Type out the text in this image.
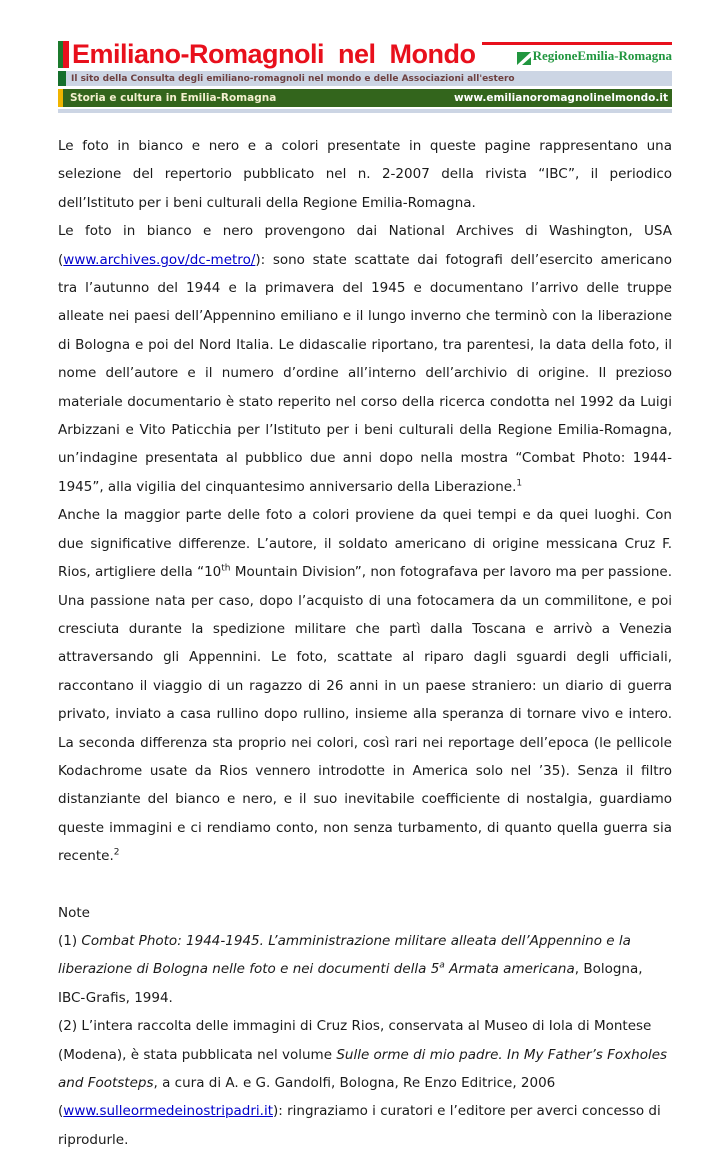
Emiliano-Romagnoli nel Mondo	RegioneEmilia-Romagna
Il sito della Consulta degli emiliano-romagnoli nel mondo e delle Associazioni all'estero
Storia e cultura in Emilia-Romagna	www.emilianoromagnolinelmondo.it

Le foto in bianco e nero e a colori presentate in queste pagine rappresentano una selezione del repertorio pubblicato nel n. 2-2007 della rivista “IBC”, il periodico dell’Istituto per i beni culturali della Regione Emilia-Romagna.

Le foto in bianco e nero provengono dai National Archives di Washington, USA (www.archives.gov/dc-metro/): sono state scattate dai fotografi dell’esercito americano tra l’autunno del 1944 e la primavera del 1945 e documentano l’arrivo delle truppe alleate nei paesi dell’Appennino emiliano e il lungo inverno che terminò con la liberazione di Bologna e poi del Nord Italia. Le didascalie riportano, tra parentesi, la data della foto, il nome dell’autore e il numero d’ordine all’interno dell’archivio di origine. Il prezioso materiale documentario è stato reperito nel corso della ricerca condotta nel 1992 da Luigi Arbizzani e Vito Paticchia per l’Istituto per i beni culturali della Regione Emilia-Romagna, un’indagine presentata al pubblico due anni dopo nella mostra “Combat Photo: 1944-1945”, alla vigilia del cinquantesimo anniversario della Liberazione.$^1$

Anche la maggior parte delle foto a colori proviene da quei tempi e da quei luoghi. Con due significative differenze. L’autore, il soldato americano di origine messicana Cruz F. Rios, artigliere della “10th Mountain Division”, non fotografava per lavoro ma per passione. Una passione nata per caso, dopo l’acquisto di una fotocamera da un commilitone, e poi cresciuta durante la spedizione militare che partì dalla Toscana e arrivò a Venezia attraversando gli Appennini. Le foto, scattate al riparo dagli sguardi degli ufficiali, raccontano il viaggio di un ragazzo di 26 anni in un paese straniero: un diario di guerra privato, inviato a casa rullino dopo rullino, insieme alla speranza di tornare vivo e intero. La seconda differenza sta proprio nei colori, così rari nei reportage dell’epoca (le pellicole Kodachrome usate da Rios vennero introdotte in America solo nel ’35). Senza il filtro distanziante del bianco e nero, e il suo inevitabile coefficiente di nostalgia, guardiamo queste immagini e ci rendiamo conto, non senza turbamento, di quanto quella guerra sia recente.$^2$

Note

(1) Combat Photo: 1944-1945. L’amministrazione militare alleata dell’Appennino e la liberazione di Bologna nelle foto e nei documenti della 5$^a$ Armata americana, Bologna, IBC-Grafis, 1994.

(2) L’intera raccolta delle immagini di Cruz Rios, conservata al Museo di Iola di Montese (Modena), è stata pubblicata nel volume Sulle orme di mio padre. In My Father’s Foxholes and Footsteps, a cura di A. e G. Gandolfi, Bologna, Re Enzo Editrice, 2006 (www.sulleormedeinostripadri.it): ringraziamo i curatori e l’editore per averci concesso di riprodurle.
